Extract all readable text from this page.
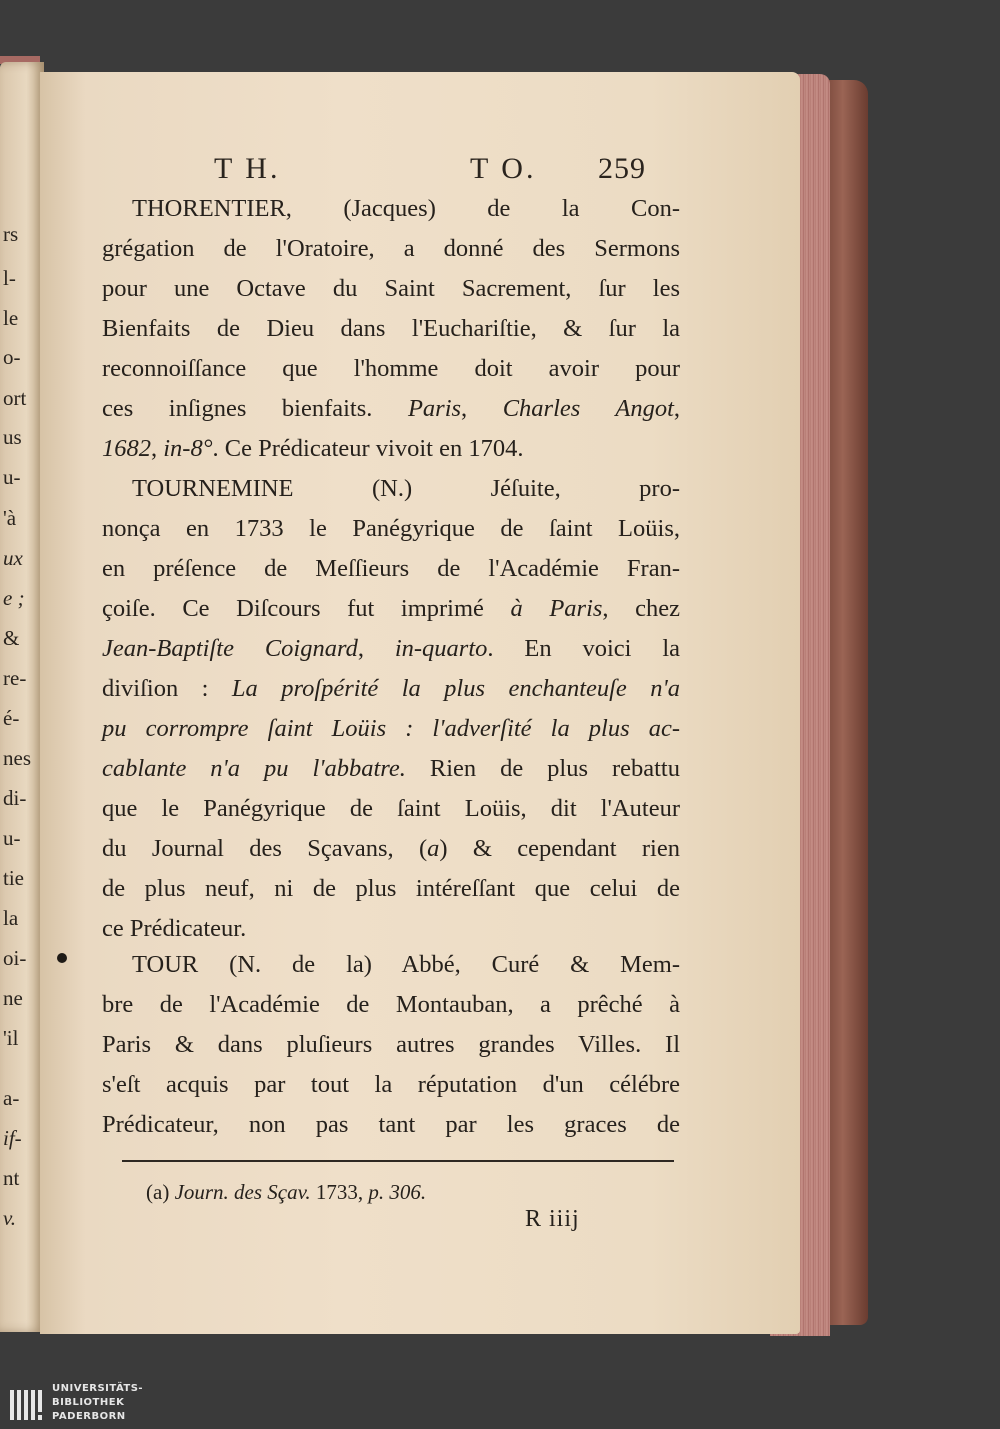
rs
l-
le
o-
ort
us
u-
'à
ux
e ;
&
re-
é-
nes
di-
u-
tie
la
oi-
ne
'il
a-
if-
nt
v.
T H.	T O. 259
THORENTIER, (Jacques) de la Con-
grégation de l'Oratoire, a donné des Sermons
pour une Octave du Saint Sacrement, ſur les
Bienfaits de Dieu dans l'Euchariſtie, & ſur la
reconnoiſſance que l'homme doit avoir pour
ces inſignes bienfaits. Paris, Charles Angot,
1682, in-8°. Ce Prédicateur vivoit en 1704.
TOURNEMINE (N.) Jéſuite, pro-
nonça en 1733 le Panégyrique de ſaint Loüis,
en préſence de Meſſieurs de l'Académie Fran-
çoiſe. Ce Diſcours fut imprimé à Paris, chez
Jean-Baptiſte Coignard, in-quarto. En voici la
diviſion : La proſpérité la plus enchanteuſe n'a
pu corrompre ſaint Loüis : l'adverſité la plus ac-
cablante n'a pu l'abbatre. Rien de plus rebattu
que le Panégyrique de ſaint Loüis, dit l'Auteur
du Journal des Sçavans, (a) & cependant rien
de plus neuf, ni de plus intéreſſant que celui de
ce Prédicateur.
TOUR (N. de la) Abbé, Curé & Mem-
bre de l'Académie de Montauban, a prêché à
Paris & dans pluſieurs autres grandes Villes. Il
s'eſt acquis par tout la réputation d'un célébre
Prédicateur, non pas tant par les graces de
(a) Journ. des Sçav. 1733, p. 306.
R iiij
UNIVERSITÄTS-
BIBLIOTHEK
PADERBORN
